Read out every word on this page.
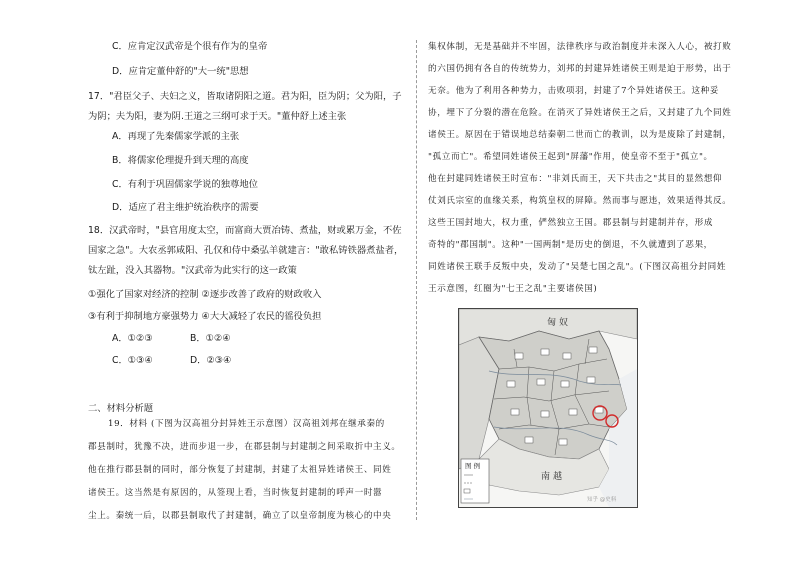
C．应肯定汉武帝是个很有作为的皇帝
D．应肯定董仲舒的"大一统"思想
17．"君臣父子、夫妇之义，皆取诸阴阳之道。君为阳，臣为阴；父为阳，子
为阴；夫为阳，妻为阴.王道之三纲可求于天。"董仲舒上述主张
A．再现了先秦儒家学派的主张
B．将儒家伦理提升到天理的高度
C．有利于巩固儒家学说的独尊地位
D．适应了君主维护统治秩序的需要
18．汉武帝时，"县官用度太空，而富商大贾冶铸、煮盐，财或累万金，不佐
国家之急"。大农丞郭咸阳、孔仅和侍中桑弘羊就建言："敢私铸铁器煮盐者，
钛左趾，没入其器物。"汉武帝为此实行的这一政策
①强化了国家对经济的控制 ②逐步改善了政府的财政收入
③有利于抑制地方豪强势力 ④大大减轻了农民的徭役负担
A．①②③	B．①②④
C．①③④	D．②③④
二、材料分析题
19．材料 (下图为汉高祖分封异姓王示意图）汉高祖刘邦在继承秦的
郡县制时，犹豫不决，进而步退一步，在郡县制与封建制之间采取折中主义。
他在推行郡县制的同时，部分恢复了封建制，封建了太祖异姓诸侯王、同姓
诸侯王。这当然是有原因的，从签现上看，当时恢复封建制的呼声一时嚣
尘上。秦统一后，以郡县制取代了封建制，确立了以皇帝制度为核心的中央
集权体制，无是基础并不牢固，法律秩序与政治制度并未深入人心，被打败
的六国仍拥有各自的传统势力，刘邦的封建异姓诸侯王则是迫于形势，出于
无奈。他为了利用各种势力，击败项羽，封建了7个异姓诸侯王。这种妥
协，埋下了分裂的潜在危险。在消灭了异姓诸侯王之后，又封建了九个同姓
诸侯王。原因在于错误地总结秦朝二世而亡的教训，以为是废除了封建制，
"孤立而亡"。希望同姓诸侯王起到"屏藩"作用，使皇帝不至于"孤立"。
他在封建同姓诸侯王时宣布："非刘氏而王，天下共击之"其目的显然想仰
仗刘氏宗室的血缘关系，构筑皇权的屏障。然而事与愿违，效果适得其反。
这些王国封地大，权力重，俨然独立王国。郡县制与封建制并存，形成
奇特的"郡国制"。这种"一国两制"是历史的倒退，不久就遭到了恶果，
同姓诸侯王联手反叛中央，发动了"吴楚七国之乱"。(下图汉高祖分封同姓
王示意图，红圈为"七王之乱"主要诸侯国)
匈 奴
南 越
图 例
知乎 @史料
